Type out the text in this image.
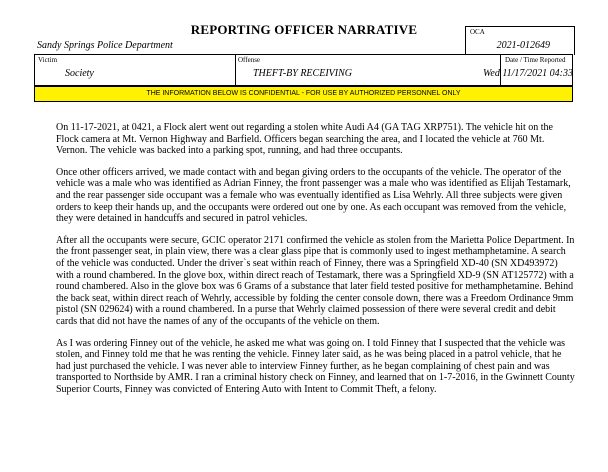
REPORTING OFFICER NARRATIVE
Sandy Springs Police Department
OCA
2021-012649
Victim
Society
Offense
THEFT-BY RECEIVING
Date / Time Reported
Wed 11/17/2021 04:33
THE INFORMATION BELOW IS CONFIDENTIAL - FOR USE BY AUTHORIZED PERSONNEL ONLY

On 11-17-2021, at 0421, a Flock alert went out regarding a stolen white Audi A4 (GA TAG XRP751). The vehicle hit on the Flock camera at Mt. Vernon Highway and Barfield. Officers began searching the area, and I located the vehicle at 760 Mt. Vernon. The vehicle was backed into a parking spot, running, and had three occupants.

Once other officers arrived, we made contact with and began giving orders to the occupants of the vehicle. The operator of the vehicle was a male who was identified as Adrian Finney, the front passenger was a male who was identified as Elijah Testamark, and the rear passenger side occupant was a female who was eventually identified as Lisa Wehrly. All three subjects were given orders to keep their hands up, and the occupants were ordered out one by one. As each occupant was removed from the vehicle, they were detained in handcuffs and secured in patrol vehicles.

After all the occupants were secure, GCIC operator 2171 confirmed the vehicle as stolen from the Marietta Police Department. In the front passenger seat, in plain view, there was a clear glass pipe that is commonly used to ingest methamphetamine. A search of the vehicle was conducted. Under the driver`s seat within reach of Finney, there was a Springfield XD-40 (SN XD493972) with a round chambered. In the glove box, within direct reach of Testamark, there was a Springfield XD-9 (SN AT125772) with a round chambered. Also in the glove box was 6 Grams of a substance that later field tested positive for methamphetamine. Behind the back seat, within direct reach of Wehrly, accessible by folding the center console down, there was a Freedom Ordinance 9mm pistol (SN 029624) with a round chambered. In a purse that Wehrly claimed possession of there were several credit and debit cards that did not have the names of any of the occupants of the vehicle on them.

As I was ordering Finney out of the vehicle, he asked me what was going on. I told Finney that I suspected that the vehicle was stolen, and Finney told me that he was renting the vehicle. Finney later said, as he was being placed in a patrol vehicle, that he had just purchased the vehicle. I was never able to interview Finney further, as he began complaining of chest pain and was transported to Northside by AMR. I ran a criminal history check on Finney, and learned that on 1-7-2016, in the Gwinnett County Superior Courts, Finney was convicted of Entering Auto with Intent to Commit Theft, a felony.
